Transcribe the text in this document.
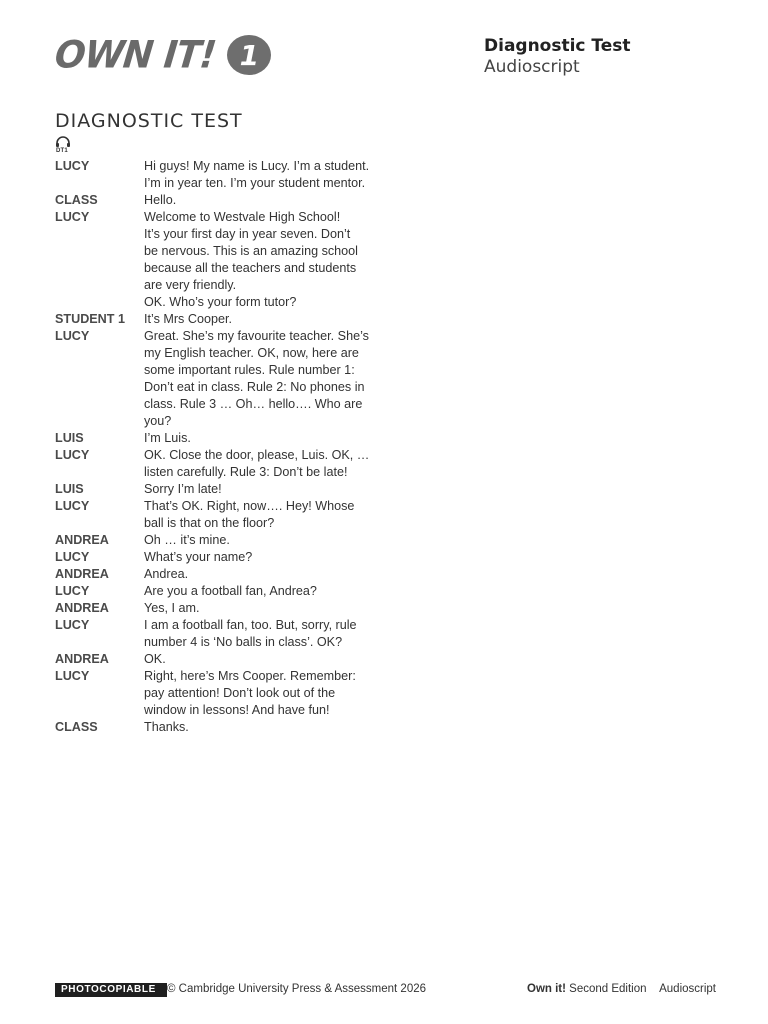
OWN IT! 1	Diagnostic Test
Audioscript
DIAGNOSTIC TEST
DT1
LUCY	Hi guys! My name is Lucy. I’m a student.
I’m in year ten. I’m your student mentor.
CLASS	Hello.
LUCY	Welcome to Westvale High School!
It’s your first day in year seven. Don’t
be nervous. This is an amazing school
because all the teachers and students
are very friendly.
OK. Who’s your form tutor?
STUDENT 1	It’s Mrs Cooper.
LUCY	Great. She’s my favourite teacher. She’s
my English teacher. OK, now, here are
some important rules. Rule number 1:
Don’t eat in class. Rule 2: No phones in
class. Rule 3 … Oh… hello…. Who are
you?
LUIS	I’m Luis.
LUCY	OK. Close the door, please, Luis. OK, …
listen carefully. Rule 3: Don’t be late!
LUIS	Sorry I’m late!
LUCY	That’s OK. Right, now…. Hey! Whose
ball is that on the floor?
ANDREA	Oh … it’s mine.
LUCY	What’s your name?
ANDREA	Andrea.
LUCY	Are you a football fan, Andrea?
ANDREA	Yes, I am.
LUCY	I am a football fan, too. But, sorry, rule
number 4 is ‘No balls in class’. OK?
ANDREA	OK.
LUCY	Right, here’s Mrs Cooper. Remember:
pay attention! Don’t look out of the
window in lessons! And have fun!
CLASS	Thanks.
PHOTOCOPIABLE © Cambridge University Press & Assessment 2026	Own it! Second Edition Audioscript
